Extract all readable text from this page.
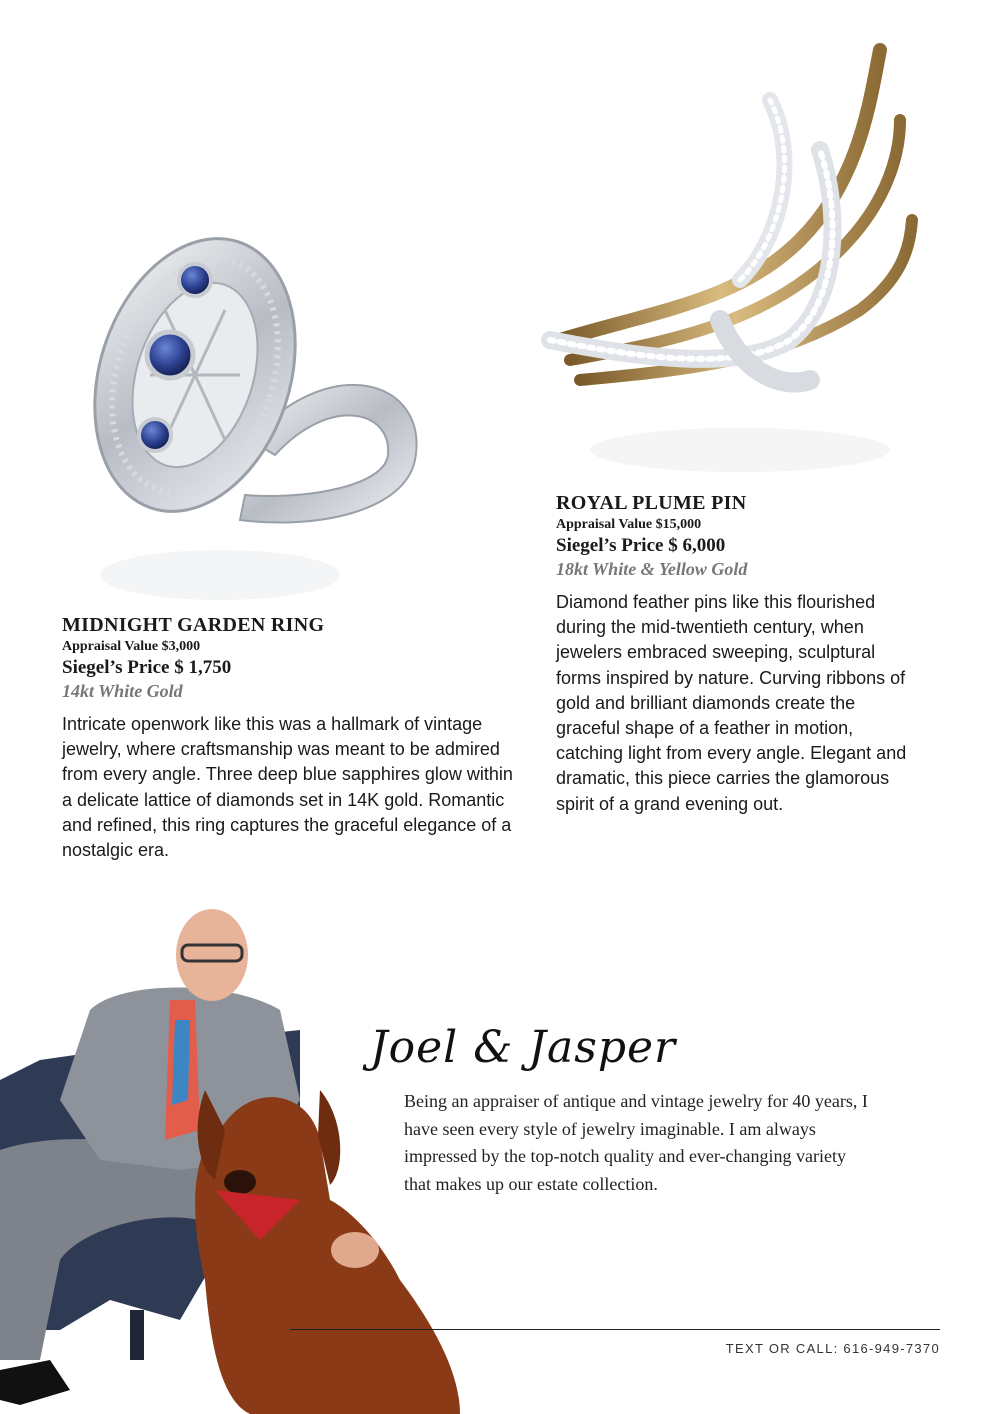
MIDNIGHT GARDEN RING

Appraisal Value $3,000

Siegel’s Price $ 1,750

14kt White Gold

Intricate openwork like this was a hallmark of vintage jewelry, where craftsmanship was meant to be admired from every angle. Three deep blue sapphires glow within a delicate lattice of diamonds set in 14K gold. Romantic and refined, this ring captures the graceful elegance of a nostalgic era.

ROYAL PLUME PIN

Appraisal Value $15,000

Siegel’s Price $ 6,000

18kt White & Yellow Gold

Diamond feather pins like this flourished during the mid-twentieth century, when jewelers embraced sweeping, sculptural forms inspired by nature. Curving ribbons of gold and brilliant diamonds create the graceful shape of a feather in motion, catching light from every angle. Elegant and dramatic, this piece carries the glamorous spirit of a grand evening out.

Joel & Jasper

Being an appraiser of antique and vintage jewelry for 40 years, I have seen every style of jewelry imaginable. I am always impressed by the top-notch quality and ever-changing variety that makes up our estate collection.

TEXT OR CALL: 616-949-7370
